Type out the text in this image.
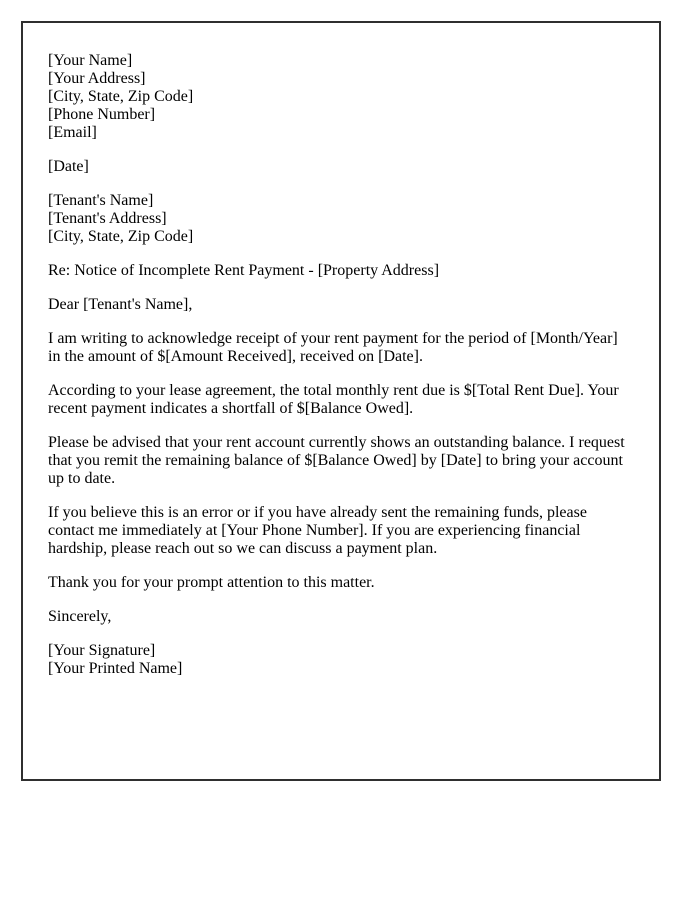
[Your Name]
[Your Address]
[City, State, Zip Code]
[Phone Number]
[Email]

[Date]

[Tenant's Name]
[Tenant's Address]
[City, State, Zip Code]

Re: Notice of Incomplete Rent Payment - [Property Address]

Dear [Tenant's Name],

I am writing to acknowledge receipt of your rent payment for the period of [Month/Year] in the amount of $[Amount Received], received on [Date].

According to your lease agreement, the total monthly rent due is $[Total Rent Due]. Your recent payment indicates a shortfall of $[Balance Owed].

Please be advised that your rent account currently shows an outstanding balance. I request that you remit the remaining balance of $[Balance Owed] by [Date] to bring your account up to date.

If you believe this is an error or if you have already sent the remaining funds, please contact me immediately at [Your Phone Number]. If you are experiencing financial hardship, please reach out so we can discuss a payment plan.

Thank you for your prompt attention to this matter.

Sincerely,

[Your Signature]
[Your Printed Name]
